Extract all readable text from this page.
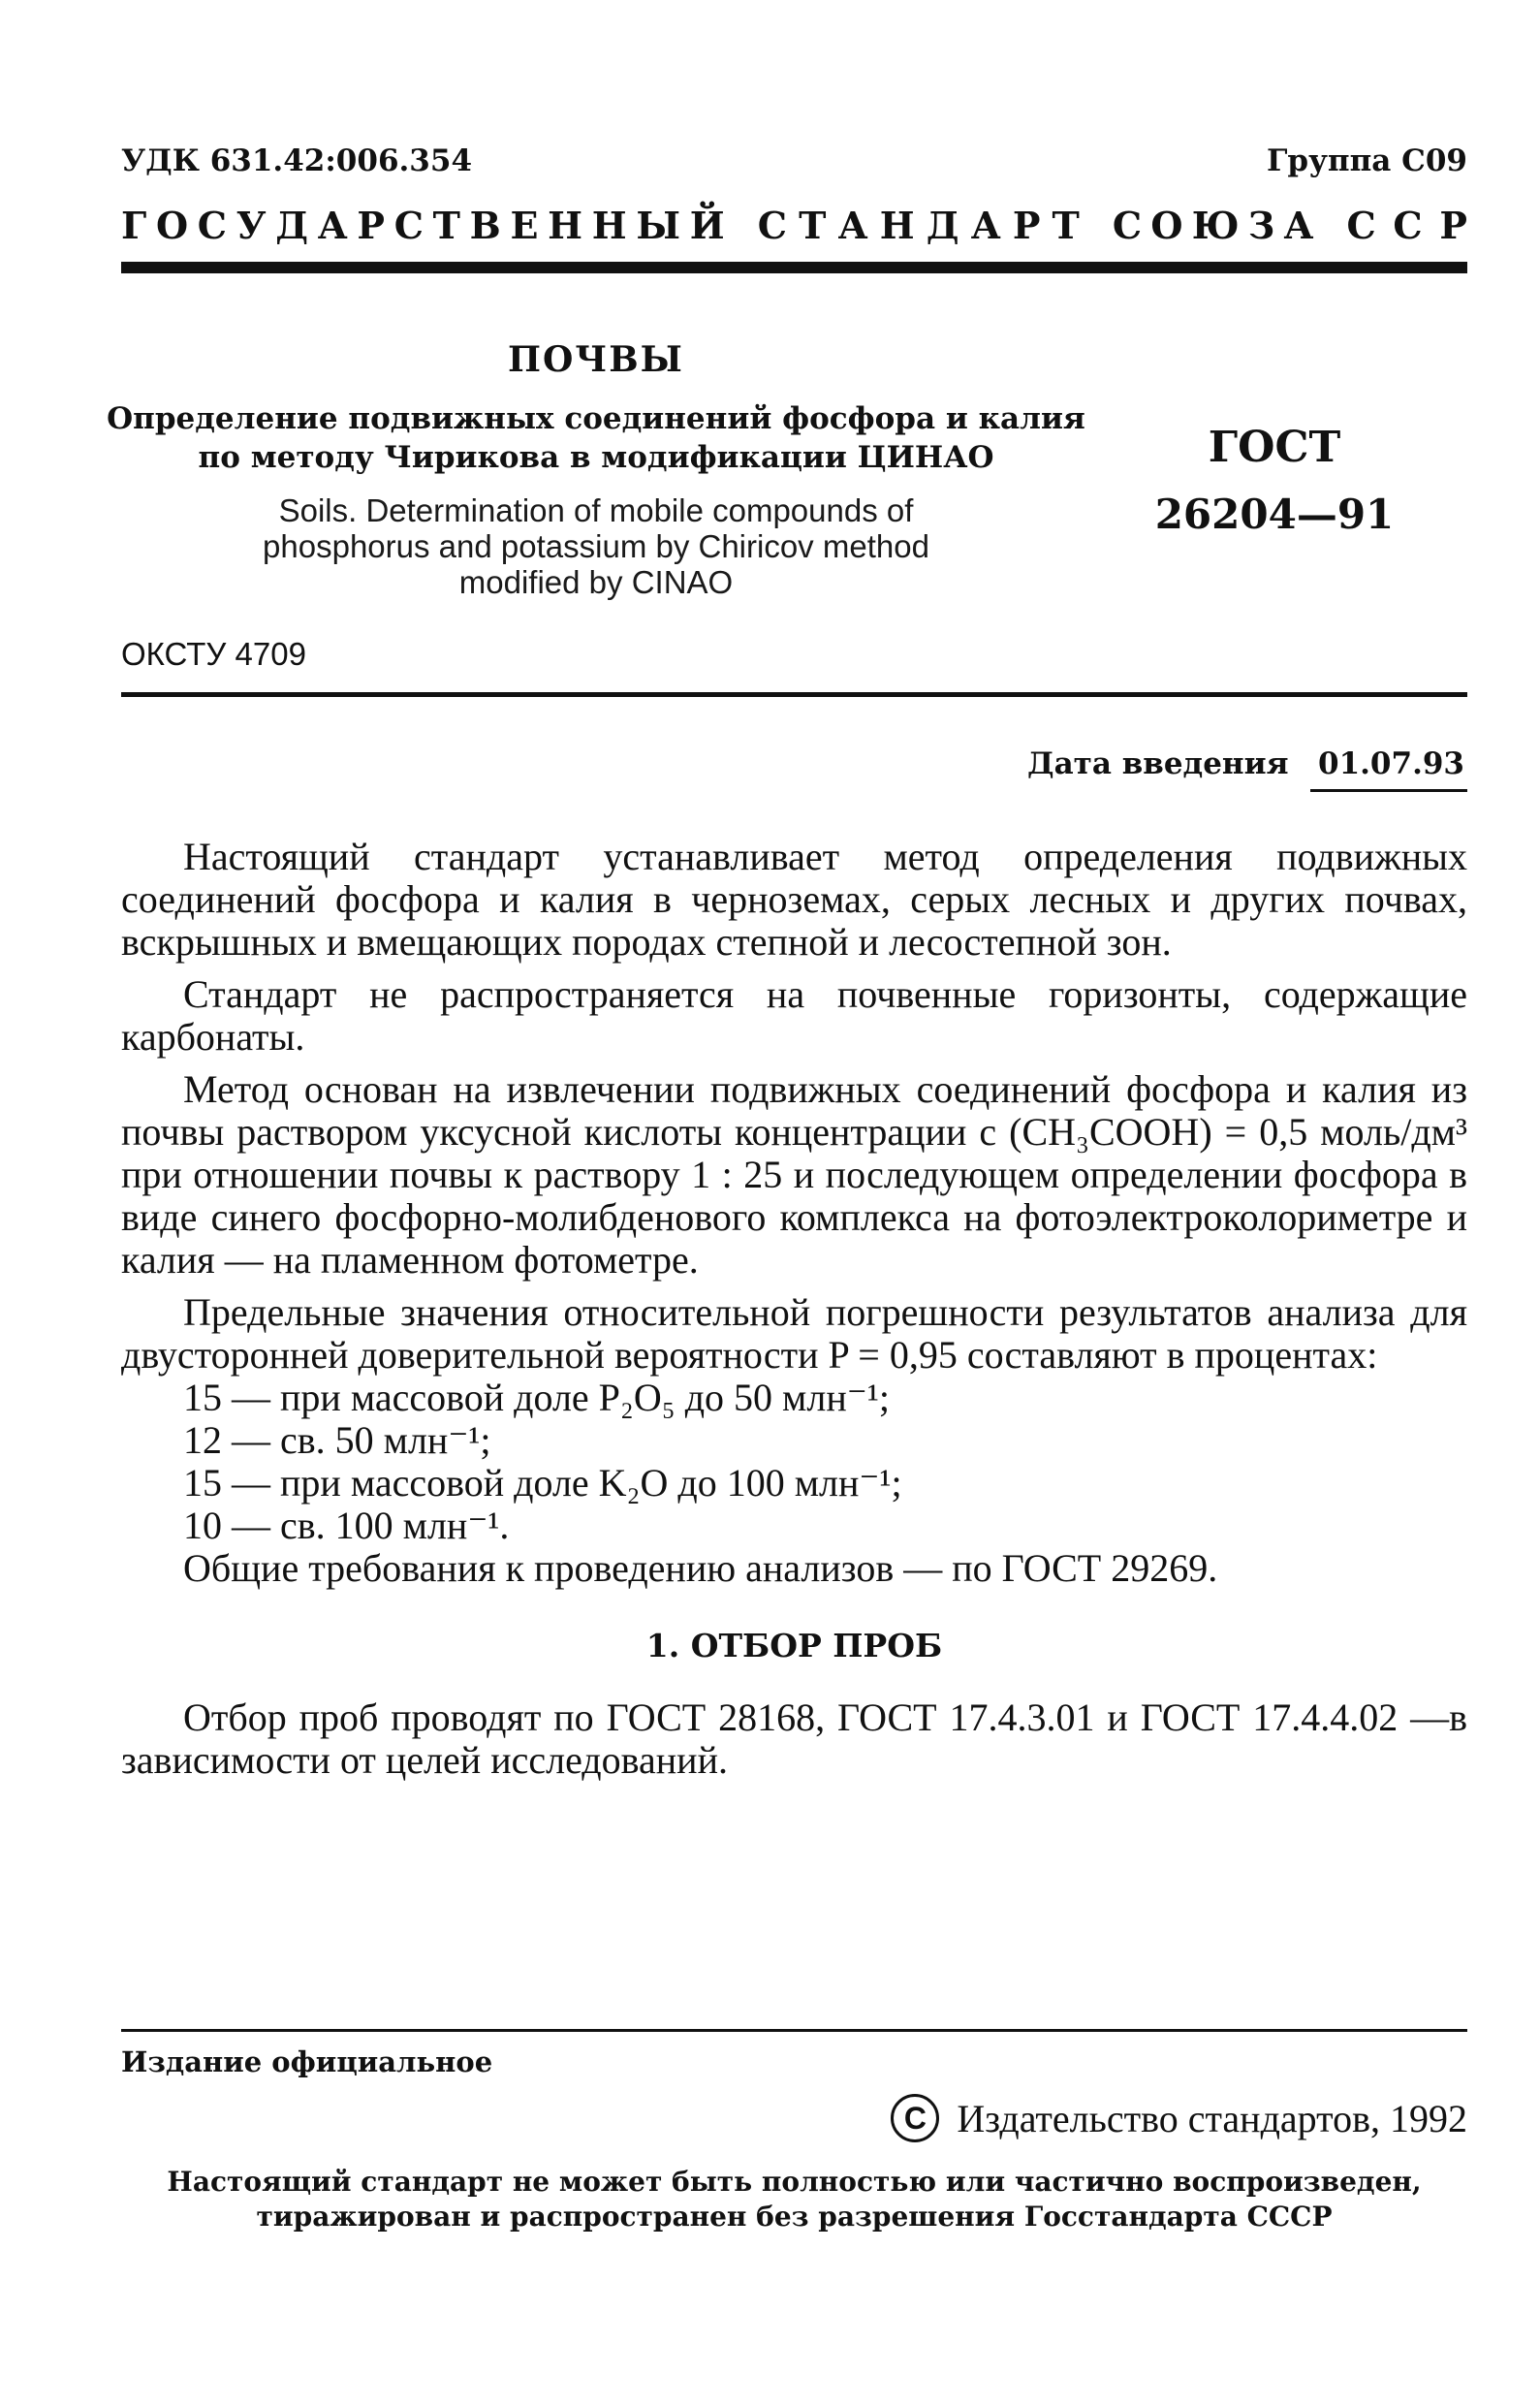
УДК 631.42:006.354	Группа С09
Г О С У Д А Р С Т В Е Н Н Ы Й С Т А Н Д А Р Т С О Ю З А С С Р
ПОЧВЫ
Определение подвижных соединений фосфора и калия
по методу Чирикова в модификации ЦИНАО
Soils. Determination of mobile compounds of
phosphorus and potassium by Chiricov method
modified by CINAO
ГОСТ
26204—91
ОКСТУ 4709
Дата введения 01.07.93

Настоящий стандарт устанавливает метод определения подвижных соединений фосфора и калия в черноземах, серых лесных и других почвах, вскрышных и вмещающих породах степной и лесостепной зон.

Стандарт не распространяется на почвенные горизонты, содержащие карбонаты.

Метод основан на извлечении подвижных соединений фосфора и калия из почвы раствором уксусной кислоты концентрации c (CH₃COOH) = 0,5 моль/дм³ при отношении почвы к раствору 1 : 25 и последующем определении фосфора в виде синего фосфорно-молибденового комплекса на фотоэлектроколориметре и калия — на пламенном фотометре.

Предельные значения относительной погрешности результатов анализа для двусторонней доверительной вероятности P = 0,95 составляют в процентах:

15 — при массовой доле P₂O₅ до 50 млн⁻¹;
12 — св. 50 млн⁻¹;
15 — при массовой доле K₂O до 100 млн⁻¹;
10 — св. 100 млн⁻¹.

Общие требования к проведению анализов — по ГОСТ 29269.

1. ОТБОР ПРОБ

Отбор проб проводят по ГОСТ 28168, ГОСТ 17.4.3.01 и ГОСТ 17.4.4.02 —в зависимости от целей исследований.

Издание официальное
C Издательство стандартов, 1992
Настоящий стандарт не может быть полностью или частично воспроизведен,
тиражирован и распространен без разрешения Госстандарта СССР
